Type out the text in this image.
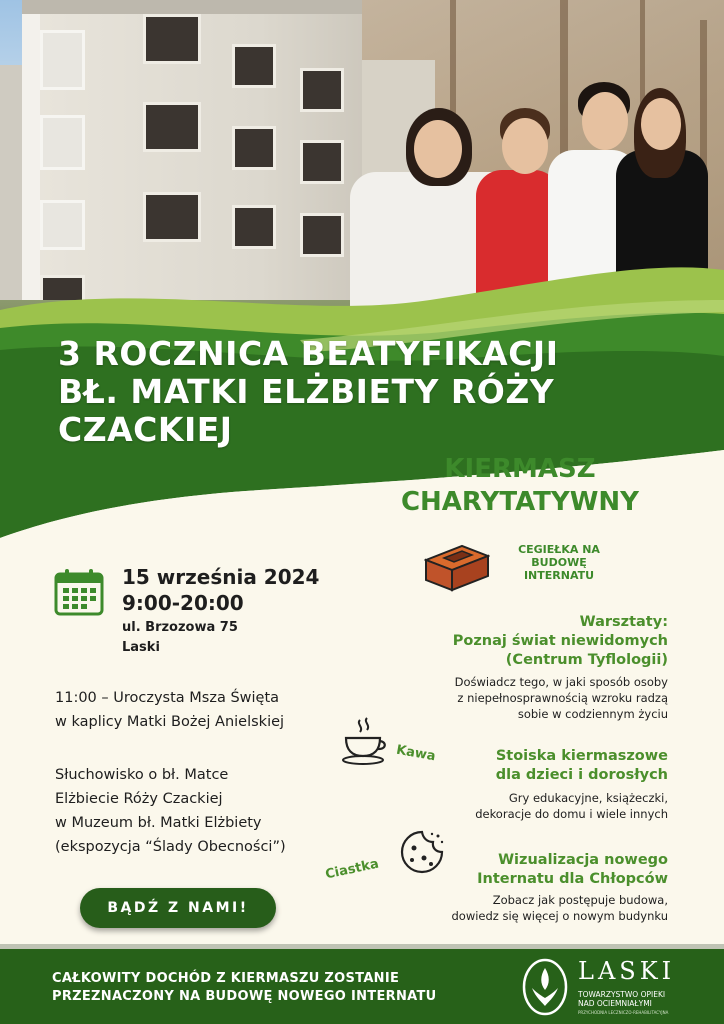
3 ROCZNICA BEATYFIKACJI
BŁ. MATKI ELŻBIETY RÓŻY
CZACKIEJ
KIERMASZ
CHARYTATYWNY
CEGIEŁKA NA
BUDOWĘ
INTERNATU
15 września 2024
9:00-20:00
ul. Brzozowa 75
Laski
11:00 – Uroczysta Msza Święta
w kaplicy Matki Bożej Anielskiej
Słuchowisko o bł. Matce
Elżbiecie Róży Czackiej
w Muzeum bł. Matki Elżbiety
(ekspozycja “Ślady Obecności”)
BĄDŹ Z NAMI!
Warsztaty:
Poznaj świat niewidomych
(Centrum Tyflologii)
Doświadcz tego, w jaki sposób osoby
z niepełnosprawnością wzroku radzą
sobie w codziennym życiu
Kawa	Stoiska kiermaszowe
dla dzieci i dorosłych
Gry edukacyjne, książeczki,
dekoracje do domu i wiele innych
Ciastka	Wizualizacja nowego
Internatu dla Chłopców
Zobacz jak postępuje budowa,
dowiedz się więcej o nowym budynku
CAŁKOWITY DOCHÓD Z KIERMASZU ZOSTANIE
PRZEZNACZONY NA BUDOWĘ NOWEGO INTERNATU
LASKI
TOWARZYSTWO OPIEKI
NAD OCIEMNIAŁYMI
PRZYCHODNIA LECZNICZO-REHABILITACYJNA
